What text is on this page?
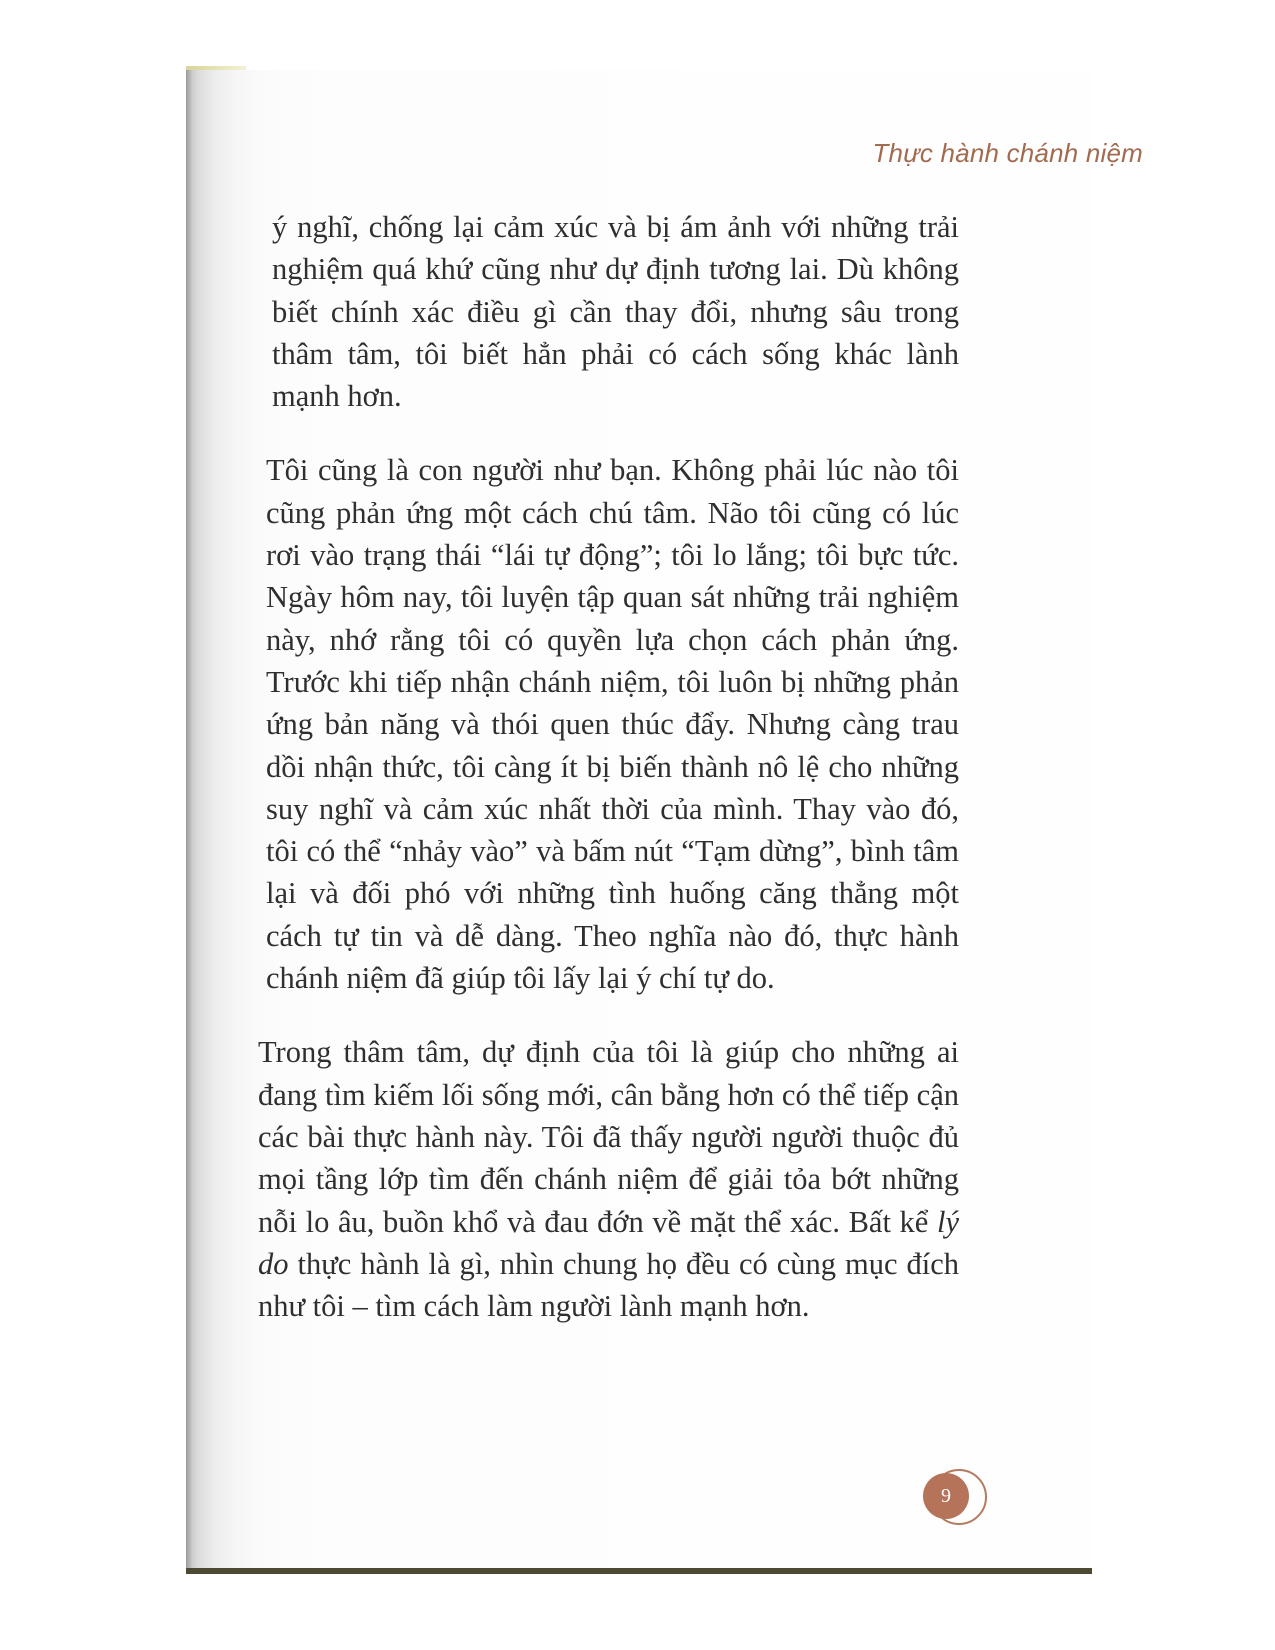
Thực hành chánh niệm

ý nghĩ, chống lại cảm xúc và bị ám ảnh với những trải nghiệm quá khứ cũng như dự định tương lai. Dù không biết chính xác điều gì cần thay đổi, nhưng sâu trong thâm tâm, tôi biết hẳn phải có cách sống khác lành mạnh hơn.

Tôi cũng là con người như bạn. Không phải lúc nào tôi cũng phản ứng một cách chú tâm. Não tôi cũng có lúc rơi vào trạng thái “lái tự động”; tôi lo lắng; tôi bực tức. Ngày hôm nay, tôi luyện tập quan sát những trải nghiệm này, nhớ rằng tôi có quyền lựa chọn cách phản ứng. Trước khi tiếp nhận chánh niệm, tôi luôn bị những phản ứng bản năng và thói quen thúc đẩy. Nhưng càng trau dồi nhận thức, tôi càng ít bị biến thành nô lệ cho những suy nghĩ và cảm xúc nhất thời của mình. Thay vào đó, tôi có thể “nhảy vào” và bấm nút “Tạm dừng”, bình tâm lại và đối phó với những tình huống căng thẳng một cách tự tin và dễ dàng. Theo nghĩa nào đó, thực hành chánh niệm đã giúp tôi lấy lại ý chí tự do.

Trong thâm tâm, dự định của tôi là giúp cho những ai đang tìm kiếm lối sống mới, cân bằng hơn có thể tiếp cận các bài thực hành này. Tôi đã thấy người người thuộc đủ mọi tầng lớp tìm đến chánh niệm để giải tỏa bớt những nỗi lo âu, buồn khổ và đau đớn về mặt thể xác. Bất kể lý do thực hành là gì, nhìn chung họ đều có cùng mục đích như tôi – tìm cách làm người lành mạnh hơn.

9
